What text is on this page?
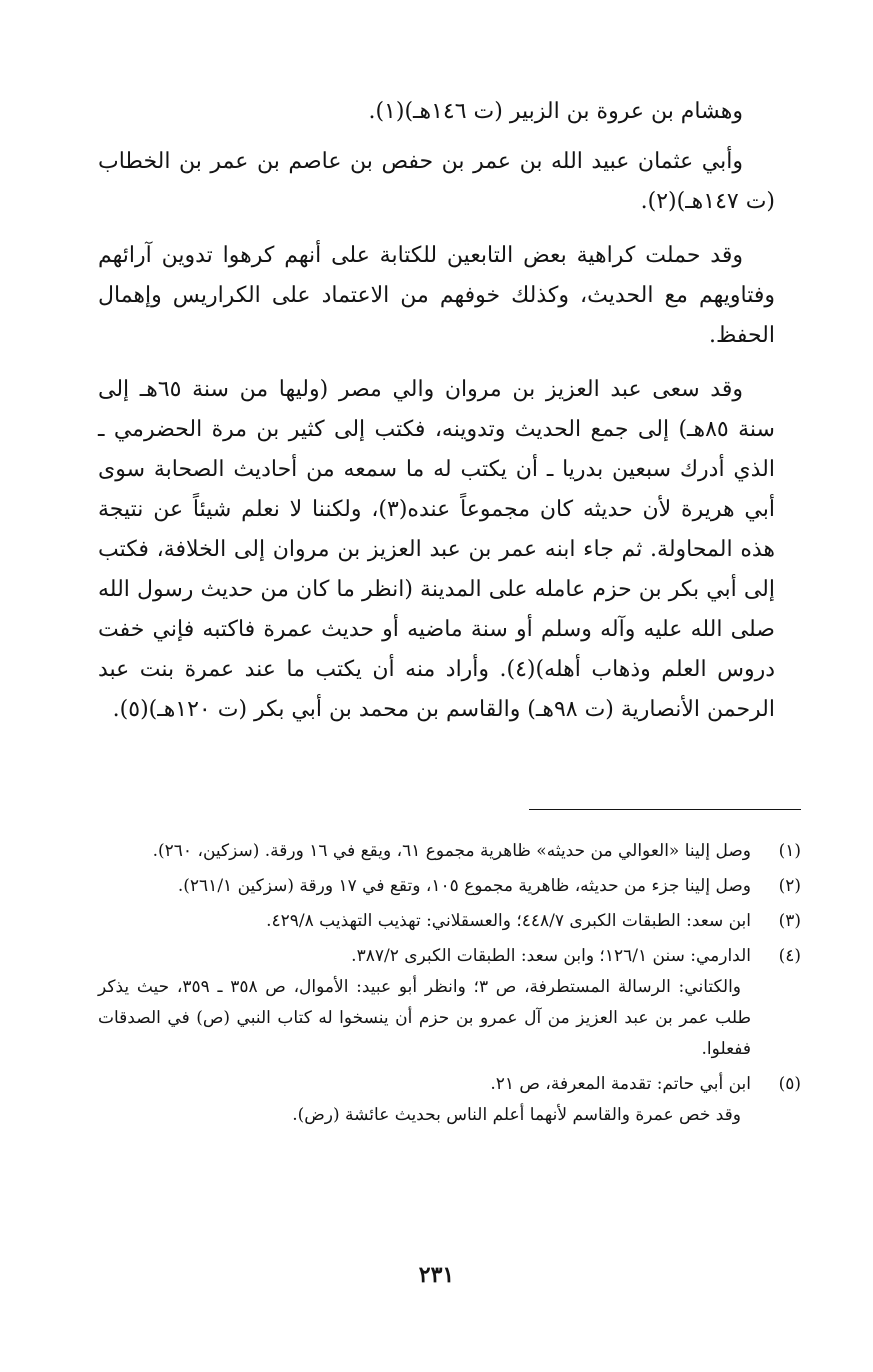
وهشام بن عروة بن الزبير (ت ١٤٦هـ)(١).

وأبي عثمان عبيد الله بن عمر بن حفص بن عاصم بن عمر بن الخطاب (ت ١٤٧هـ)(٢).

وقد حملت كراهية بعض التابعين للكتابة على أنهم كرهوا تدوين آرائهم وفتاويهم مع الحديث، وكذلك خوفهم من الاعتماد على الكراريس وإهمال الحفظ.

وقد سعى عبد العزيز بن مروان والي مصر (وليها من سنة ٦٥هـ إلى سنة ٨٥هـ) إلى جمع الحديث وتدوينه، فكتب إلى كثير بن مرة الحضرمي ـ الذي أدرك سبعين بدريا ـ أن يكتب له ما سمعه من أحاديث الصحابة سوى أبي هريرة لأن حديثه كان مجموعاً عنده(٣)، ولكننا لا نعلم شيئاً عن نتيجة هذه المحاولة. ثم جاء ابنه عمر بن عبد العزيز بن مروان إلى الخلافة، فكتب إلى أبي بكر بن حزم عامله على المدينة (انظر ما كان من حديث رسول الله صلى الله عليه وآله وسلم أو سنة ماضيه أو حديث عمرة فاكتبه فإني خفت دروس العلم وذهاب أهله)(٤). وأراد منه أن يكتب ما عند عمرة بنت عبد الرحمن الأنصارية (ت ٩٨هـ) والقاسم بن محمد بن أبي بكر (ت ١٢٠هـ)(٥).

(١)
وصل إلينا «العوالي من حديثه» ظاهرية مجموع ٦١، ويقع في ١٦ ورقة. (سزكين، ٢٦٠).
(٢)
وصل إلينا جزء من حديثه، ظاهرية مجموع ١٠٥، وتقع في ١٧ ورقة (سزكين ٢٦١/١).
(٣)
ابن سعد: الطبقات الكبرى ٤٤٨/٧؛ والعسقلاني: تهذيب التهذيب ٤٢٩/٨.
(٤)
الدارمي: سنن ١٢٦/١؛ وابن سعد: الطبقات الكبرى ٣٨٧/٢.
والكتاني: الرسالة المستطرفة، ص ٣؛ وانظر أبو عبيد: الأموال، ص ٣٥٨ ـ ٣٥٩، حيث يذكر طلب عمر بن عبد العزيز من آل عمرو بن حزم أن ينسخوا له كتاب النبي (ص) في الصدقات ففعلوا.
(٥)
ابن أبي حاتم: تقدمة المعرفة، ص ٢١.
وقد خص عمرة والقاسم لأنهما أعلم الناس بحديث عائشة (رض).
٢٣١
